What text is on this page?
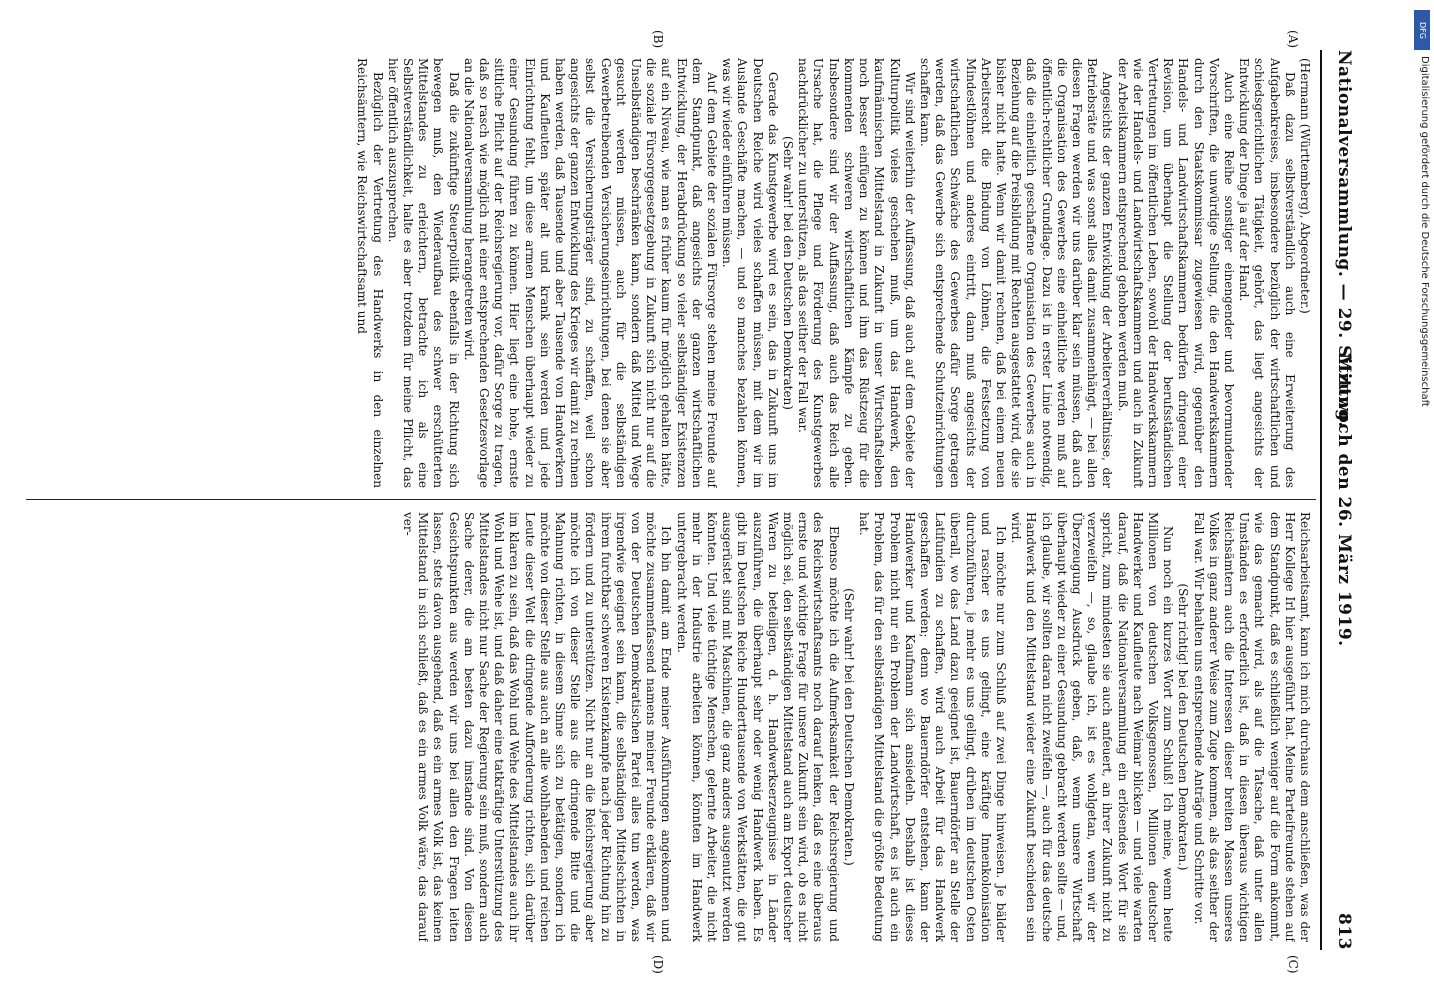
Nationalversammlung. — 29. Sitzung.
Mittwoch den 26. März 1919.
813
(A)
(B)
(C)
(D)

(Hermann (Württemberg), Abgeordneter.)

Daß dazu selbstverständlich auch eine Erweiterung des Aufgabenkreises, insbesondere bezüglich der wirtschaftlichen und schiedsgerichtlichen Tätigkeit, gehört, das liegt angesichts der Entwicklung der Dinge ja auf der Hand.

Auch eine Reihe sonstiger einengender und bevormundender Vorschriften, die unwürdige Stellung, die den Handwerkskammern durch den Staatskommissar zugewiesen wird, gegenüber den Handels- und Landwirtschaftskammern bedürfen dringend einer Revision, um überhaupt die Stellung der berufsständischen Vertretungen im öffentlichen Leben, sowohl der Handwerkskammern wie der Handels- und Landwirtschaftskammern und auch in Zukunft der Arbeitskammern entsprechend gehoben werden muß.

Angesichts der ganzen Entwicklung der Arbeiterverhältnisse, der Betriebsräte und was sonst alles damit zusammenhängt, — bei allen diesen Fragen werden wir uns darüber klar sein müssen, daß auch die Organisation des Gewerbes eine einheitliche werden muß auf öffentlich-rechtlicher Grundlage. Dazu ist in erster Linie notwendig, daß die einheitlich geschaffene Organisation des Gewerbes auch in Beziehung auf die Preisbildung mit Rechten ausgestattet wird, die sie bisher nicht hatte. Wenn wir damit rechnen, daß bei einem neuen Arbeitsrecht die Bindung von Löhnen, die Festsetzung von Mindestlöhnen und anderes eintritt, dann muß angesichts der wirtschaftlichen Schwäche des Gewerbes dafür Sorge getragen werden, daß das Gewerbe sich entsprechende Schutzeinrichtungen schaffen kann.

Wir sind weiterhin der Auffassung, daß auch auf dem Gebiete der Kulturpolitik vieles geschehen muß, um das Handwerk, den kaufmännischen Mittelstand in Zukunft in unser Wirtschaftsleben noch besser einfügen zu können und ihm das Rüstzeug für die kommenden schweren wirtschaftlichen Kämpfe zu geben. Insbesondere sind wir der Auffassung, daß auch das Reich alle Ursache hat, die Pflege und Förderung des Kunstgewerbes nachdrücklicher zu unterstützen, als das seither der Fall war.

(Sehr wahr! bei den Deutschen Demokraten)

Gerade das Kunstgewerbe wird es sein, das in Zukunft uns im Deutschen Reiche wird vieles schaffen müssen, mit dem wir im Auslande Geschäfte machen, — und so manches bezahlen können, was wir wieder einführen müssen.

Auf dem Gebiete der sozialen Fürsorge stehen meine Freunde auf dem Standpunkt, daß angesichts der ganzen wirtschaftlichen Entwicklung, der Herabdrückung so vieler selbständiger Existenzen auf ein Niveau, wie man es früher kaum für möglich gehalten hätte, die soziale Fürsorgegesetzgebung in Zukunft sich nicht nur auf die Unselbständigen beschränken kann, sondern daß Mittel und Wege gesucht werden müssen, auch für die selbständigen Gewerbetreibenden Versicherungseinrichtungen, bei denen sie aber selbst die Versicherungsträger sind, zu schaffen, weil schon angesichts der ganzen Entwicklung des Krieges wir damit zu rechnen haben werden, daß Tausende und aber Tausende von Handwerkern und Kaufleuten später alt und krank sein werden und jede Einrichtung fehlt, um diese armen Menschen überhaupt wieder zu einer Gesundung führen zu können. Hier liegt eine hohe, ernste sittliche Pflicht auf der Reichsregierung vor, dafür Sorge zu tragen, daß so rasch wie möglich mit einer entsprechenden Gesetzesvorlage an die Nationalversammlung herangetreten wird.

Daß die zukünftige Steuerpolitik ebenfalls in der Richtung sich bewegen muß, den Wiederaufbau des schwer erschütterten Mittelstandes zu erleichtern, betrachte ich als eine Selbstverständlichkeit, halte es aber trotzdem für meine Pflicht, das hier öffentlich auszusprechen.

Bezüglich der Vertretung des Handwerks in den einzelnen Reichsämtern, wie Reichswirtschaftsamt und

Reichsarbeitsamt, kann ich mich durchaus dem anschließen, was der Herr Kollege Irl hier ausgeführt hat. Meine Parteifreunde stehen auf dem Standpunkt, daß es schließlich weniger auf die Form ankommt, wie das gemacht wird, als auf die Tatsache, daß unter allen Umständen es erforderlich ist, daß in diesen überaus wichtigen Reichsämtern auch die Interessen dieser breiten Massen unseres Volkes in ganz anderer Weise zum Zuge kommen, als das seither der Fall war. Wir behalten uns entsprechende Anträge und Schritte vor.

(Sehr richtig! bei den Deutschen Demokraten.)

Nun noch ein kurzes Wort zum Schluß! Ich meine, wenn heute Millionen von deutschen Volksgenossen, Millionen deutscher Handwerker und Kaufleute nach Weimar blicken — und viele warten darauf, daß die Nationalversammlung ein erlösendes Wort für sie spricht, zum mindesten sie auch anfeuert, an ihrer Zukunft nicht zu verzweifeln —, so, glaube ich, ist es wohlgetan, wenn wir der Überzeugung Ausdruck geben, daß, wenn unsere Wirtschaft überhaupt wieder zu einer Gesundung gebracht werden sollte — und, ich glaube, wir sollten daran nicht zweifeln —, auch für das deutsche Handwerk und den Mittelstand wieder eine Zukunft beschieden sein wird.

Ich möchte nur zum Schluß auf zwei Dinge hinweisen. Je bälder und rascher es uns gelingt, eine kräftige Innenkolonisation durchzuführen, je mehr es uns gelingt, drüben im deutschen Osten überall, wo das Land dazu geeignet ist, Bauerndörfer an Stelle der Latifundien zu schaffen, wird auch Arbeit für das Handwerk geschaffen werden; denn wo Bauerndörfer entstehen, kann der Handwerker und Kaufmann sich ansiedeln. Deshalb ist dieses Problem nicht nur ein Problem der Landwirtschaft, es ist auch ein Problem, das für den selbständigen Mittelstand die größte Bedeutung hat.

(Sehr wahr! bei den Deutschen Demokraten.)

Ebenso möchte ich die Aufmerksamkeit der Reichsregierung und des Reichswirtschaftsamts noch darauf lenken, daß es eine überaus ernste und wichtige Frage für unsere Zukunft sein wird, ob es nicht möglich sei, den selbständigen Mittelstand auch am Export deutscher Waren zu beteiligen, d. h. Handwerkserzeugnisse in Länder auszuführen, die überhaupt sehr oder wenig Handwerk haben. Es gibt im Deutschen Reiche Hunderttausende von Werkstätten, die gut ausgerüstet sind mit Maschinen, die ganz anders ausgenutzt werden könnten. Und viele tüchtige Menschen, gelernte Arbeiter, die nicht mehr in der Industrie arbeiten können, könnten im Handwerk untergebracht werden.

Ich bin damit am Ende meiner Ausführungen angekommen und möchte zusammenfassend namens meiner Freunde erklären, daß wir von der Deutschen Demokratischen Partei alles tun werden, was irgendwie geeignet sein kann, die selbständigen Mittelschichten in ihrem furchtbar schweren Existenzkampfe nach jeder Richtung hin zu fördern und zu unterstützen. Nicht nur an die Reichsregierung aber möchte ich von dieser Stelle aus die dringende Bitte und die Mahnung richten, in diesem Sinne sich zu betätigen, sondern ich möchte von dieser Stelle aus auch an alle wohlhabenden und reichen Leute dieser Welt die dringende Aufforderung richten, sich darüber im klaren zu sein, daß das Wohl und Wehe des Mittelstandes auch ihr Wohl und Wehe ist, und daß daher eine tatkräftige Unterstützung des Mittelstandes nicht nur Sache der Regierung sein muß, sondern auch Sache derer, die am besten dazu imstande sind. Von diesen Gesichtspunkten aus werden wir uns bei allen den Fragen leiten lassen, stets davon ausgehend, daß es ein armes Volk ist, das keinen Mittelstand in sich schließt, daß es ein armes Volk wäre, das darauf ver-

DFG
Digitalisierung gefördert durch die Deutsche Forschungsgemeinschaft
